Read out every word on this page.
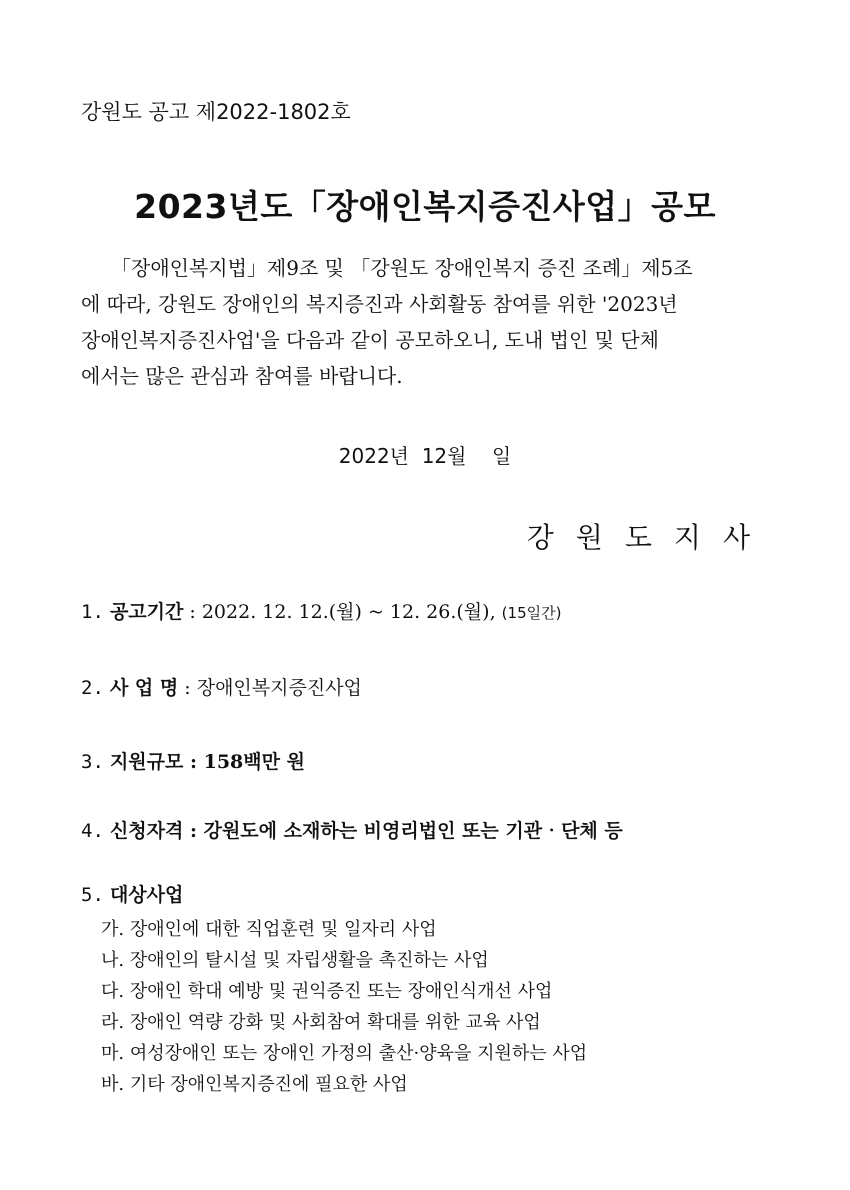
강원도 공고 제2022-1802호
2023년도「장애인복지증진사업」공모
「장애인복지법」제9조 및 「강원도 장애인복지 증진 조례」제5조
에 따라, 강원도 장애인의 복지증진과 사회활동 참여를 위한 '2023년
장애인복지증진사업'을 다음과 같이 공모하오니, 도내 법인 및 단체
에서는 많은 관심과 참여를 바랍니다.
2022년  12월    일
강원도지사
1. 공고기간 : 2022. 12. 12.(월) ~ 12. 26.(월), (15일간)
2. 사 업 명 : 장애인복지증진사업
3. 지원규모 : 158백만 원
4. 신청자격 : 강원도에 소재하는 비영리법인 또는 기관‧단체 등
5. 대상사업
가. 장애인에 대한 직업훈련 및 일자리 사업
나. 장애인의 탈시설 및 자립생활을 촉진하는 사업
다. 장애인 학대 예방 및 권익증진 또는 장애인식개선 사업
라. 장애인 역량 강화 및 사회참여 확대를 위한 교육 사업
마. 여성장애인 또는 장애인 가정의 출산·양육을 지원하는 사업
바. 기타 장애인복지증진에 필요한 사업
